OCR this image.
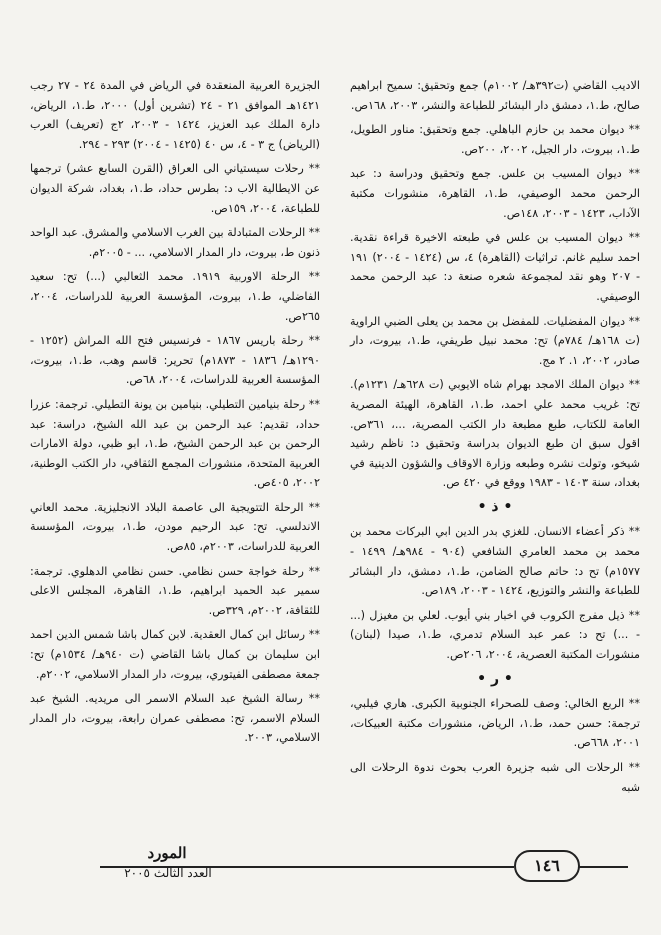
الاديب القاضي (ت٣٩٢هـ/ ١٠٠٢م) جمع وتحقيق: سميح ابراهيم صالح، ط.١، دمشق دار البشائر للطباعة والنشر، ٢٠٠٣، ١٦٨ص.

** ديوان محمد بن حازم الباهلي. جمع وتحقيق: مناور الطويل، ط.١، بيروت، دار الجيل، ٢٠٠٢، ٢٠٠ص.

** ديوان المسيب بن علس. جمع وتحقيق ودراسة د: عبد الرحمن محمد الوصيفي، ط.١، القاهرة، منشورات مكتبة الآداب، ١٤٢٣ - ٢٠٠٣، ١٤٨ص.

** ديوان المسيب بن علس في طبعته الاخيرة قراءة نقدية. احمد سليم غانم. تراثيات (القاهرة) ٤، س (١٤٢٤ - ٢٠٠٤) ١٩١ - ٢٠٧ وهو نقد لمجموعة شعره صنعة د: عبد الرحمن محمد الوصيفي.

** ديوان المفضليات. للمفضل بن محمد بن يعلى الضبي الراوية (ت ١٦٨هـ/ ٧٨٤م) تح: محمد نبيل طريفي، ط.١، بيروت، دار صادر، ٢٠٠٢، ١. ٢ مج.

** ديوان الملك الامجد بهرام شاه الايوبي (ت ٦٢٨هـ/ ١٢٣١م). تح: غريب محمد علي احمد، ط.١، القاهرة، الهيئة المصرية العامة للكتاب، طبع مطبعة دار الكتب المصرية، ...، ٣٦١ص. اقول سبق ان طبع الديوان بدراسة وتحقيق د: ناظم رشيد شيخو، وتولت نشره وطبعه وزارة الاوقاف والشؤون الدينية في بغداد، سنة ١٤٠٣ - ١٩٨٣ ووقع في ٤٢٠ ص.

• ذ •

** ذكر أعضاء الانسان. للغزي بدر الدين ابي البركات محمد بن محمد بن محمد العامري الشافعي (٩٠٤ - ٩٨٤هـ/ ١٤٩٩ - ١٥٧٧م) تح د: حاتم صالح الضامن، ط.١، دمشق، دار البشائر للطباعة والنشر والتوزيع، ١٤٢٤ - ٢٠٠٣، ١٨٩ص.

** ذيل مفرج الكروب في اخبار بني أيوب. لعلي بن مغيزل (... - ...) تح د: عمر عبد السلام تدمري، ط.١، صيدا (لبنان) منشورات المكتبة العصرية، ٢٠٠٤، ٢٠٦ص.

• ر •

** الربع الخالي: وصف للصحراء الجنوبية الكبرى. هاري فيلبي، ترجمة: حسن حمد، ط.١، الرياض، منشورات مكتبة العبيكات، ٢٠٠١، ٦٦٨ص.

** الرحلات الى شبه جزيرة العرب بحوث ندوة الرحلات الى شبه

الجزيرة العربية المنعقدة في الرياض في المدة ٢٤ - ٢٧ رجب ١٤٢١هـ الموافق ٢١ - ٢٤ (تشرين أول) ٢٠٠٠، ط.١، الرياض، دارة الملك عبد العزيز، ١٤٢٤ - ٢٠٠٣، ٢ج (تعريف) العرب (الرياض) ج ٣ - ٤، س ٤٠ (١٤٢٥ - ٢٠٠٤) ٢٩٣ - ٢٩٤.

** رحلات سيستياني الى العراق (القرن السابع عشر) ترجمها عن الايطالية الاب د: بطرس حداد، ط.١، بغداد، شركة الديوان للطباعة، ٢٠٠٤، ١٥٩ص.

** الرحلات المتبادلة بين الغرب الاسلامي والمشرق. عبد الواحد ذنون ط، بيروت، دار المدار الاسلامي، ... - ٢٠٠٥م.

** الرحلة الاوربية ١٩١٩. محمد الثعالبي (...) تح: سعيد الفاضلي، ط.١، بيروت، المؤسسة العربية للدراسات، ٢٠٠٤، ٢٦٥ص.

** رحلة باريس ١٨٦٧ - فرنسيس فتح الله المراش (١٢٥٢ - ١٢٩٠هـ/ ١٨٣٦ - ١٨٧٣م) تحرير: قاسم وهب، ط.١، بيروت، المؤسسة العربية للدراسات، ٢٠٠٤، ٦٨ص.

** رحلة بنيامين التطيلي. بنيامين بن يونة التطيلي. ترجمة: عزرا حداد، تقديم: عبد الرحمن بن عبد الله الشيخ، دراسة: عبد الرحمن بن عبد الرحمن الشيخ، ط.١، ابو ظبي، دولة الامارات العربية المتحدة، منشورات المجمع الثقافي، دار الكتب الوطنية، ٢٠٠٢، ٤٠٥ص.

** الرحلة التتويجية الى عاصمة البلاد الانجليزية. محمد العاني الاندلسي. تح: عبد الرحيم مودن، ط.١، بيروت، المؤسسة العربية للدراسات، ٢٠٠٣م، ٨٥ص.

** رحلة خواجة حسن نظامي. حسن نظامي الدهلوي. ترجمة: سمير عبد الحميد ابراهيم، ط.١، القاهرة، المجلس الاعلى للثقافة، ٢٠٠٢م، ٣٢٩ص.

** رسائل ابن كمال العقدية. لابن كمال باشا شمس الدين احمد ابن سليمان بن كمال باشا القاضي (ت ٩٤٠هـ/ ١٥٣٤م) تح: جمعة مصطفى الفيتوري، بيروت، دار المدار الاسلامي، ٢٠٠٢م.

** رسالة الشيخ عبد السلام الاسمر الى مريديه. الشيخ عبد السلام الاسمر، تح: مصطفى عمران رابعة، بيروت، دار المدار الاسلامي، ٢٠٠٣.

١٤٦
المورد
العدد الثالث ٢٠٠٥
